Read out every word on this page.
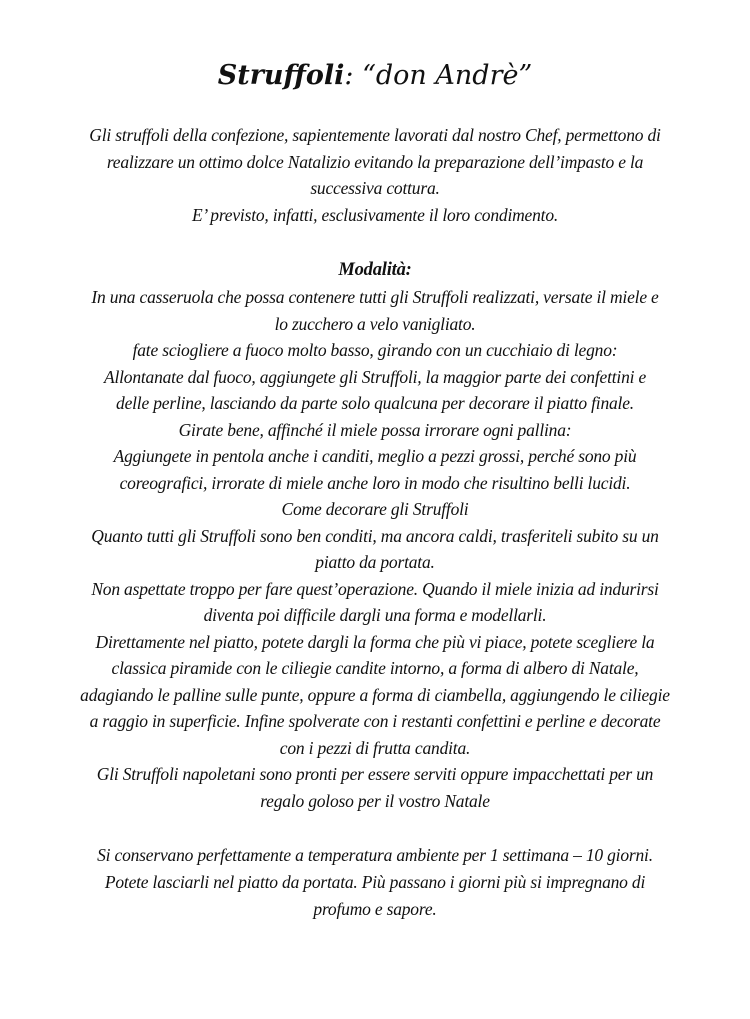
Struffoli: “don Andrè”

Gli struffoli della confezione, sapientemente lavorati dal nostro Chef, permettono di

realizzare un ottimo dolce Natalizio evitando la preparazione dell’impasto e la

successiva cottura.

E’ previsto, infatti, esclusivamente il loro condimento.

Modalità:

In una casseruola che possa contenere tutti gli Struffoli realizzati, versate il miele e

lo zucchero a velo vanigliato.

fate sciogliere a fuoco molto basso, girando con un cucchiaio di legno:

Allontanate dal fuoco, aggiungete gli Struffoli, la maggior parte dei confettini e

delle perline, lasciando da parte solo qualcuna per decorare il piatto finale.

Girate bene, affinché il miele possa irrorare ogni pallina:

Aggiungete in pentola anche i canditi, meglio a pezzi grossi, perché sono più

coreografici, irrorate di miele anche loro in modo che risultino belli lucidi.

Come decorare gli Struffoli

Quanto tutti gli Struffoli sono ben conditi, ma ancora caldi, trasferiteli subito su un

piatto da portata.

Non aspettate troppo per fare quest’operazione. Quando il miele inizia ad indurirsi

diventa poi difficile dargli una forma e modellarli.

Direttamente nel piatto, potete dargli la forma che più vi piace, potete scegliere la

classica piramide con le ciliegie candite intorno, a forma di albero di Natale,

adagiando le palline sulle punte, oppure a forma di ciambella, aggiungendo le ciliegie

a raggio in superficie. Infine spolverate con i restanti confettini e perline e decorate

con i pezzi di frutta candita.

Gli Struffoli napoletani sono pronti per essere serviti oppure impacchettati per un

regalo goloso per il vostro Natale

Si conservano perfettamente a temperatura ambiente per 1 settimana – 10 giorni.

Potete lasciarli nel piatto da portata. Più passano i giorni più si impregnano di

profumo e sapore.
